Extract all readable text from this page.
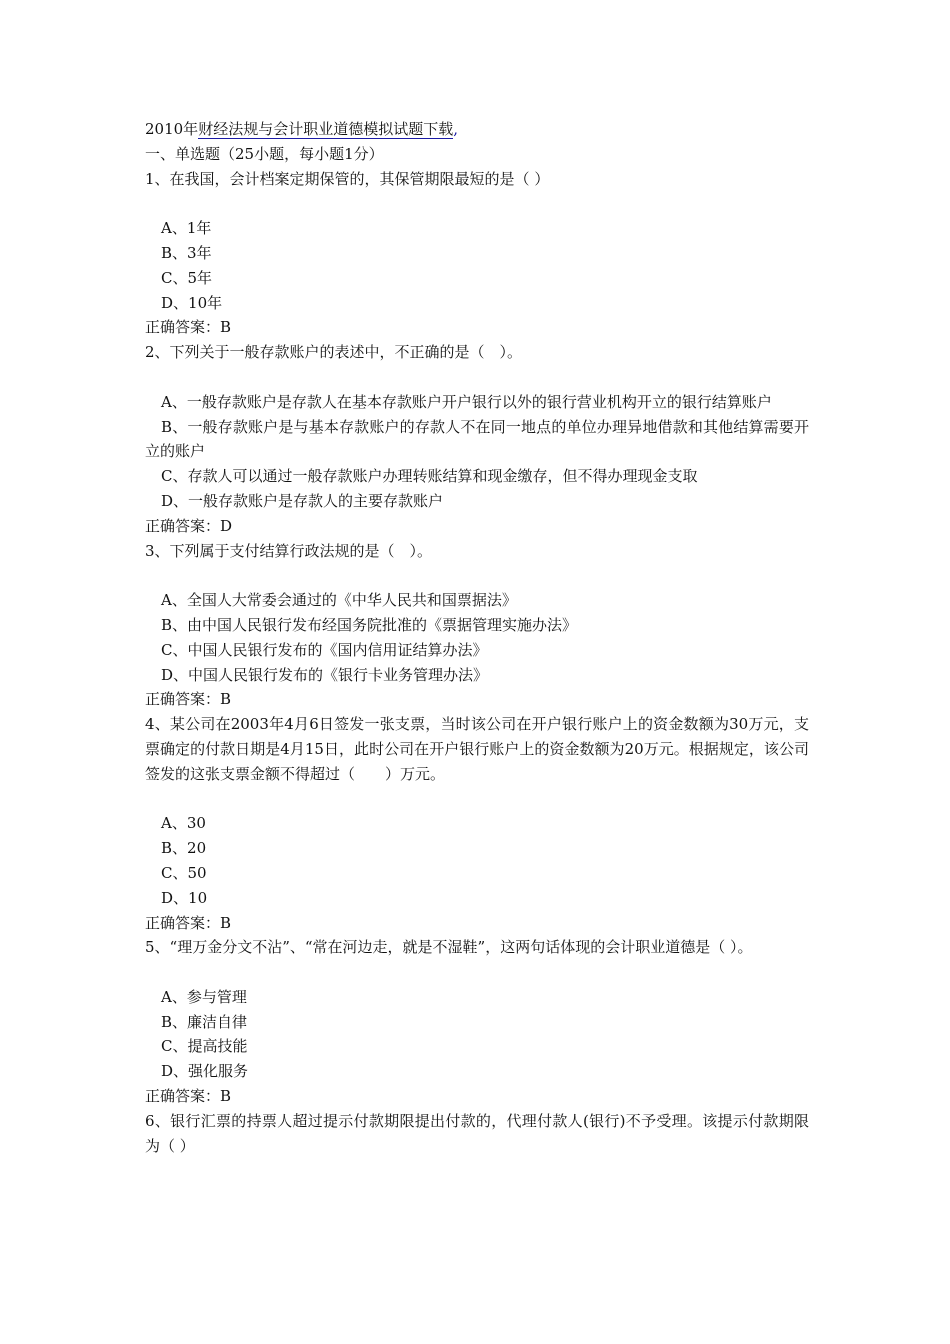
2010年财经法规与会计职业道德模拟试题下载,
一、单选题（25小题，每小题1分）
1、在我国，会计档案定期保管的，其保管期限最短的是（ ）
A、1年
B、3年
C、5年
D、10年
正确答案：B
2、下列关于一般存款账户的表述中，不正确的是（　）。
A、一般存款账户是存款人在基本存款账户开户银行以外的银行营业机构开立的银行结算账户
B、一般存款账户是与基本存款账户的存款人不在同一地点的单位办理异地借款和其他结算需要开立的账户
C、存款人可以通过一般存款账户办理转账结算和现金缴存，但不得办理现金支取
D、一般存款账户是存款人的主要存款账户
正确答案：D
3、下列属于支付结算行政法规的是（　）。
A、全国人大常委会通过的《中华人民共和国票据法》
B、由中国人民银行发布经国务院批准的《票据管理实施办法》
C、中国人民银行发布的《国内信用证结算办法》
D、中国人民银行发布的《银行卡业务管理办法》
正确答案：B
4、某公司在2003年4月6日签发一张支票，当时该公司在开户银行账户上的资金数额为30万元，支票确定的付款日期是4月15日，此时公司在开户银行账户上的资金数额为20万元。根据规定，该公司签发的这张支票金额不得超过（　　）万元。
A、30
B、20
C、50
D、10
正确答案：B
5、“理万金分文不沾”、“常在河边走，就是不湿鞋”，这两句话体现的会计职业道德是（ ）。
A、参与管理
B、廉洁自律
C、提高技能
D、强化服务
正确答案：B
6、银行汇票的持票人超过提示付款期限提出付款的，代理付款人(银行)不予受理。该提示付款期限为（ ）
